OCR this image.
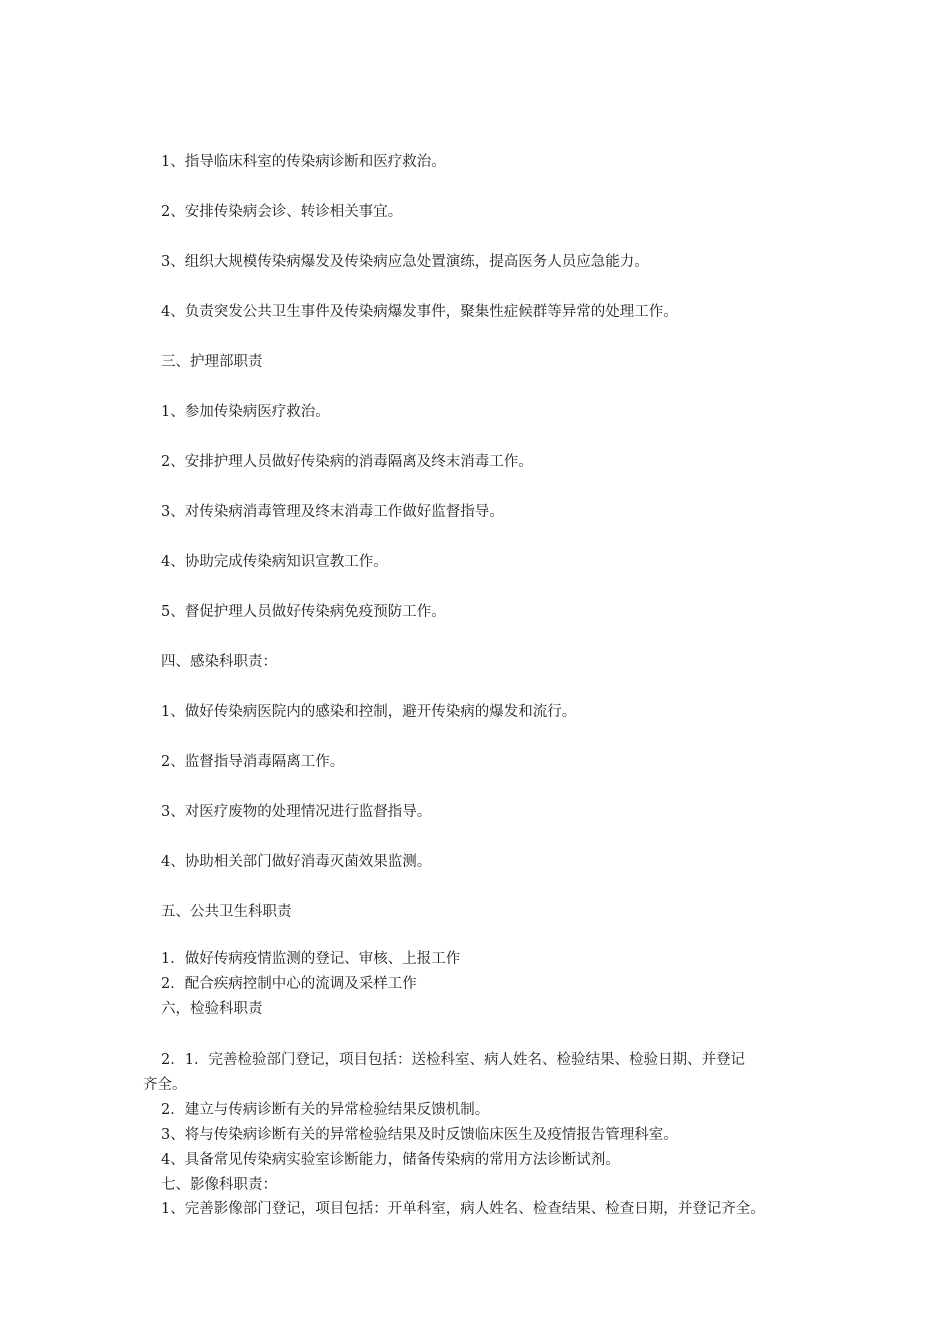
1、指导临床科室的传染病诊断和医疗救治。
2、安排传染病会诊、转诊相关事宜。
3、组织大规模传染病爆发及传染病应急处置演练，提高医务人员应急能力。
4、负责突发公共卫生事件及传染病爆发事件，聚集性症候群等异常的处理工作。
三、护理部职责
1、参加传染病医疗救治。
2、安排护理人员做好传染病的消毒隔离及终末消毒工作。
3、对传染病消毒管理及终末消毒工作做好监督指导。
4、协助完成传染病知识宣教工作。
5、督促护理人员做好传染病免疫预防工作。
四、感染科职责：
1、做好传染病医院内的感染和控制，避开传染病的爆发和流行。
2、监督指导消毒隔离工作。
3、对医疗废物的处理情况进行监督指导。
4、协助相关部门做好消毒灭菌效果监测。
五、公共卫生科职责
1．做好传病疫情监测的登记、审核、上报工作
2．配合疾病控制中心的流调及采样工作
六，检验科职责
2．1．完善检验部门登记，项目包括：送检科室、病人姓名、检验结果、检验日期、并登记
齐全。
2．建立与传病诊断有关的异常检验结果反馈机制。
3、将与传染病诊断有关的异常检验结果及时反馈临床医生及疫情报告管理科室。
4、具备常见传染病实验室诊断能力，储备传染病的常用方法诊断试剂。
七、影像科职责：
1、完善影像部门登记，项目包括：开单科室，病人姓名、检查结果、检查日期，并登记齐全。
